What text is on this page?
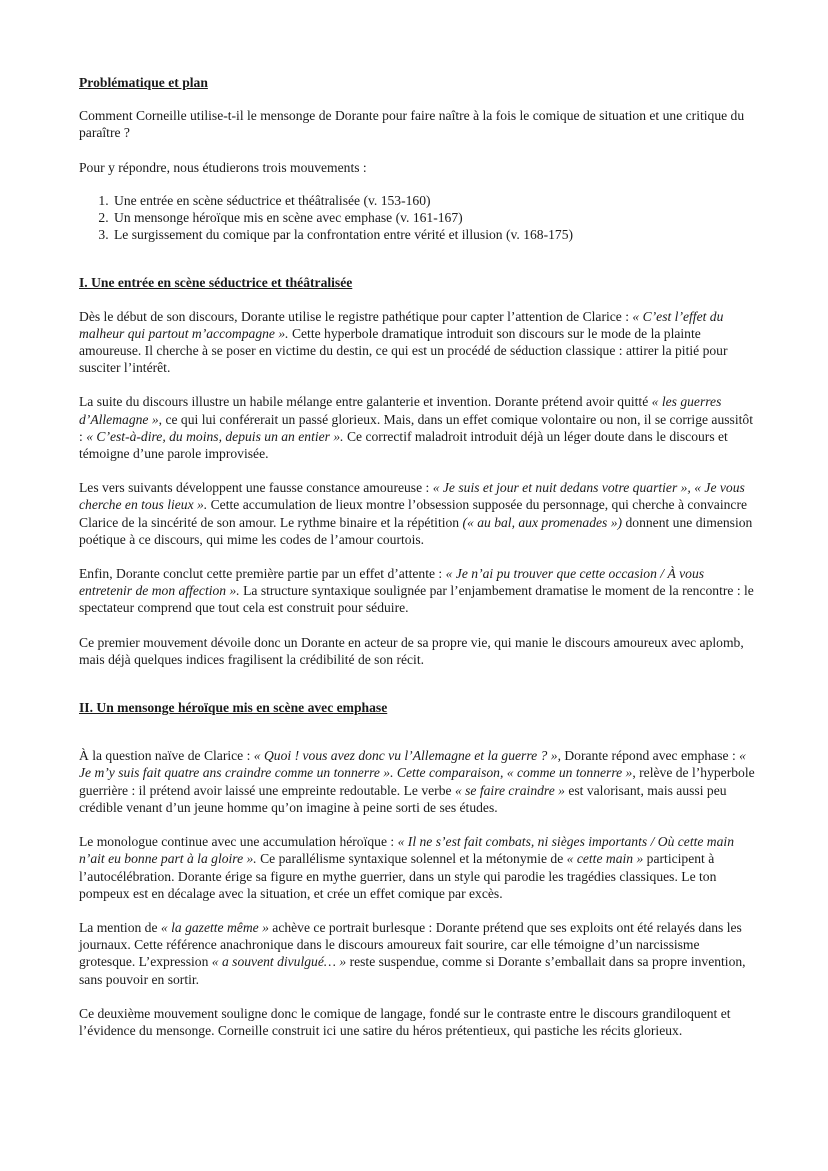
Problématique et plan

Comment Corneille utilise-t-il le mensonge de Dorante pour faire naître à la fois le comique de situation et une critique du paraître ?

Pour y répondre, nous étudierons trois mouvements :

1. Une entrée en scène séductrice et théâtralisée (v. 153-160)
2. Un mensonge héroïque mis en scène avec emphase (v. 161-167)
3. Le surgissement du comique par la confrontation entre vérité et illusion (v. 168-175)
I. Une entrée en scène séductrice et théâtralisée

Dès le début de son discours, Dorante utilise le registre pathétique pour capter l’attention de Clarice : « C’est l’effet du malheur qui partout m’accompagne ». Cette hyperbole dramatique introduit son discours sur le mode de la plainte amoureuse. Il cherche à se poser en victime du destin, ce qui est un procédé de séduction classique : attirer la pitié pour susciter l’intérêt.

La suite du discours illustre un habile mélange entre galanterie et invention. Dorante prétend avoir quitté « les guerres d’Allemagne », ce qui lui conférerait un passé glorieux. Mais, dans un effet comique volontaire ou non, il se corrige aussitôt : « C’est-à-dire, du moins, depuis un an entier ». Ce correctif maladroit introduit déjà un léger doute dans le discours et témoigne d’une parole improvisée.

Les vers suivants développent une fausse constance amoureuse : « Je suis et jour et nuit dedans votre quartier », « Je vous cherche en tous lieux ». Cette accumulation de lieux montre l’obsession supposée du personnage, qui cherche à convaincre Clarice de la sincérité de son amour. Le rythme binaire et la répétition (« au bal, aux promenades ») donnent une dimension poétique à ce discours, qui mime les codes de l’amour courtois.

Enfin, Dorante conclut cette première partie par un effet d’attente : « Je n’ai pu trouver que cette occasion / À vous entretenir de mon affection ». La structure syntaxique soulignée par l’enjambement dramatise le moment de la rencontre : le spectateur comprend que tout cela est construit pour séduire.

Ce premier mouvement dévoile donc un Dorante en acteur de sa propre vie, qui manie le discours amoureux avec aplomb, mais déjà quelques indices fragilisent la crédibilité de son récit.

II. Un mensonge héroïque mis en scène avec emphase

À la question naïve de Clarice : « Quoi ! vous avez donc vu l’Allemagne et la guerre ? », Dorante répond avec emphase : « Je m’y suis fait quatre ans craindre comme un tonnerre ». Cette comparaison, « comme un tonnerre », relève de l’hyperbole guerrière : il prétend avoir laissé une empreinte redoutable. Le verbe « se faire craindre » est valorisant, mais aussi peu crédible venant d’un jeune homme qu’on imagine à peine sorti de ses études.

Le monologue continue avec une accumulation héroïque : « Il ne s’est fait combats, ni sièges importants / Où cette main n’ait eu bonne part à la gloire ». Ce parallélisme syntaxique solennel et la métonymie de « cette main » participent à l’autocélébration. Dorante érige sa figure en mythe guerrier, dans un style qui parodie les tragédies classiques. Le ton pompeux est en décalage avec la situation, et crée un effet comique par excès.

La mention de « la gazette même » achève ce portrait burlesque : Dorante prétend que ses exploits ont été relayés dans les journaux. Cette référence anachronique dans le discours amoureux fait sourire, car elle témoigne d’un narcissisme grotesque. L’expression « a souvent divulgué… » reste suspendue, comme si Dorante s’emballait dans sa propre invention, sans pouvoir en sortir.

Ce deuxième mouvement souligne donc le comique de langage, fondé sur le contraste entre le discours grandiloquent et l’évidence du mensonge. Corneille construit ici une satire du héros prétentieux, qui pastiche les récits glorieux.
